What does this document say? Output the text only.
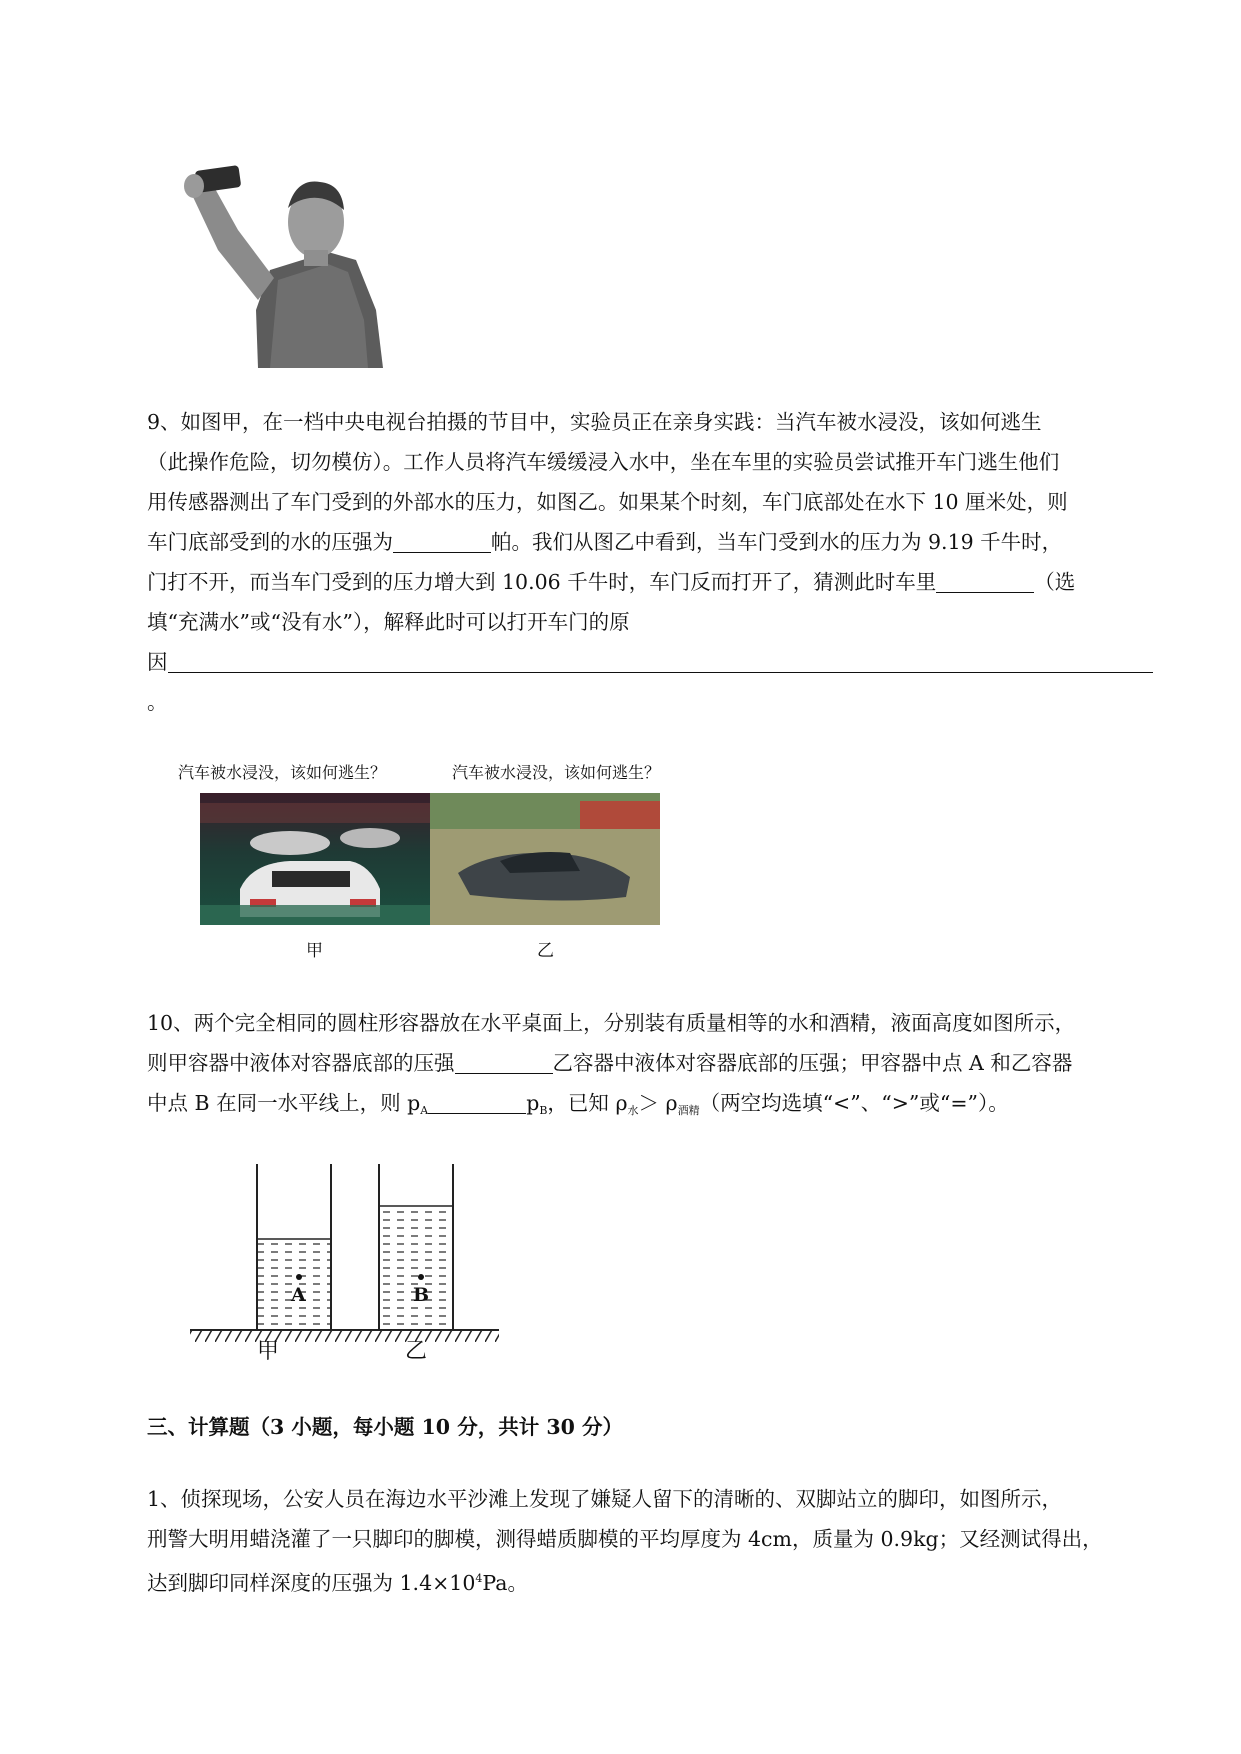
9、如图甲，在一档中央电视台拍摄的节目中，实验员正在亲身实践：当汽车被水浸没，该如何逃生
（此操作危险，切勿模仿）。工作人员将汽车缓缓浸入水中，坐在车里的实验员尝试推开车门逃生他们
用传感器测出了车门受到的外部水的压力，如图乙。如果某个时刻，车门底部处在水下 10 厘米处，则
车门底部受到的水的压强为	帕。我们从图乙中看到，当车门受到水的压力为 9.19 千牛时，
门打不开，而当车门受到的压力增大到 10.06 千牛时，车门反而打开了，猜测此时车里	（选
填“充满水”或“没有水”），解释此时可以打开车门的原
因
。
汽车被水浸没，该如何逃生？	汽车被水浸没，该如何逃生？
甲	乙
10、两个完全相同的圆柱形容器放在水平桌面上，分别装有质量相等的水和酒精，液面高度如图所示，
则甲容器中液体对容器底部的压强	乙容器中液体对容器底部的压强；甲容器中点 A 和乙容器
中点 B 在同一水平线上，则 $p_A$	$p_B$，已知 $\rho_水> \rho_{酒精}$（两空均选填“<”、“>”或“=”）。
A	B
甲	乙
三、计算题（3 小题，每小题 10 分，共计 30 分）
1、侦探现场，公安人员在海边水平沙滩上发现了嫌疑人留下的清晰的、双脚站立的脚印，如图所示，
刑警大明用蜡浇灌了一只脚印的脚模，测得蜡质脚模的平均厚度为 4cm，质量为 0.9kg；又经测试得出，
达到脚印同样深度的压强为 $1.4\times 10^4Pa$。
